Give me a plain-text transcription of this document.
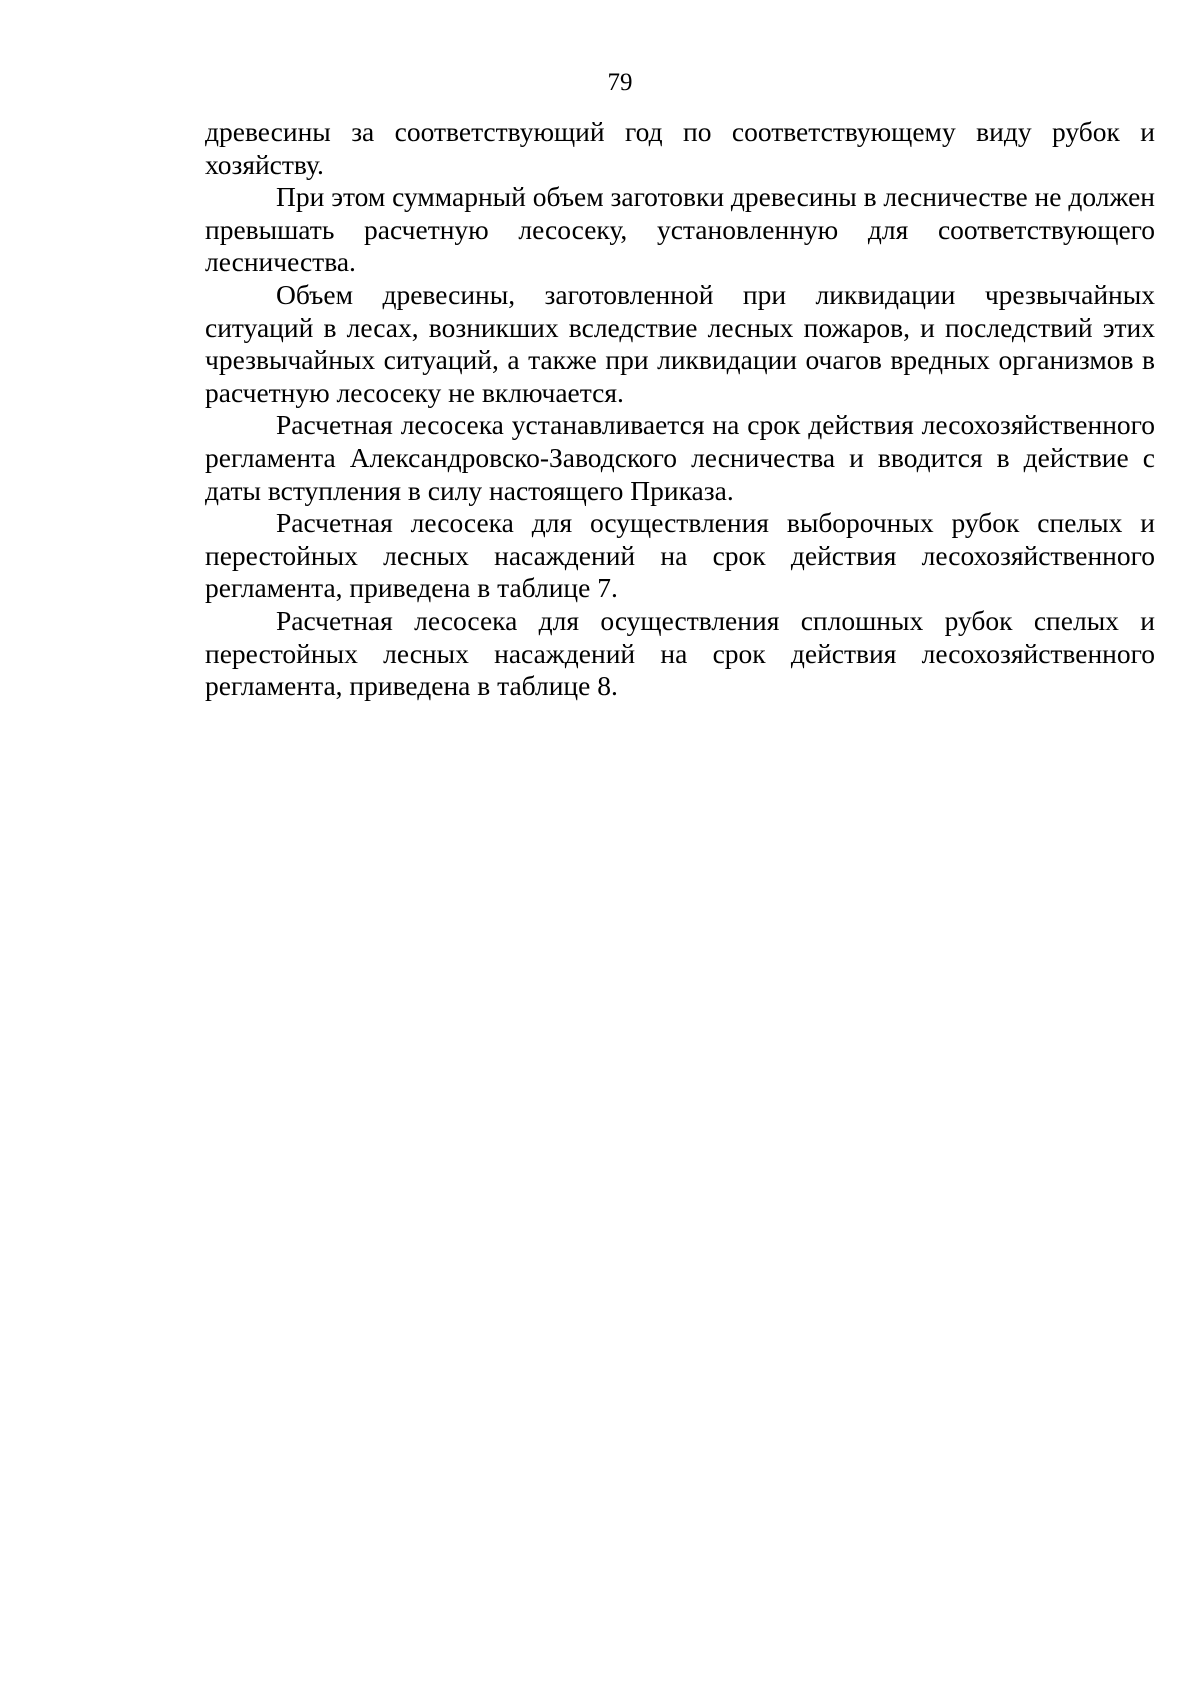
79

древесины за соответствующий год по соответствующему виду рубок и хозяйству.

При этом суммарный объем заготовки древесины в лесничестве не должен превышать расчетную лесосеку, установленную для соответствующего лесничества.

Объем древесины, заготовленной при ликвидации чрезвычайных ситуаций в лесах, возникших вследствие лесных пожаров, и последствий этих чрезвычайных ситуаций, а также при ликвидации очагов вредных организмов в расчетную лесосеку не включается.

Расчетная лесосека устанавливается на срок действия лесохозяйственного регламента Александровско-Заводского лесничества и вводится в действие с даты вступления в силу настоящего Приказа.

Расчетная лесосека для осуществления выборочных рубок спелых и перестойных лесных насаждений на срок действия лесохозяйственного регламента, приведена в таблице 7.

Расчетная лесосека для осуществления сплошных рубок спелых и перестойных лесных насаждений на срок действия лесохозяйственного регламента, приведена в таблице 8.
